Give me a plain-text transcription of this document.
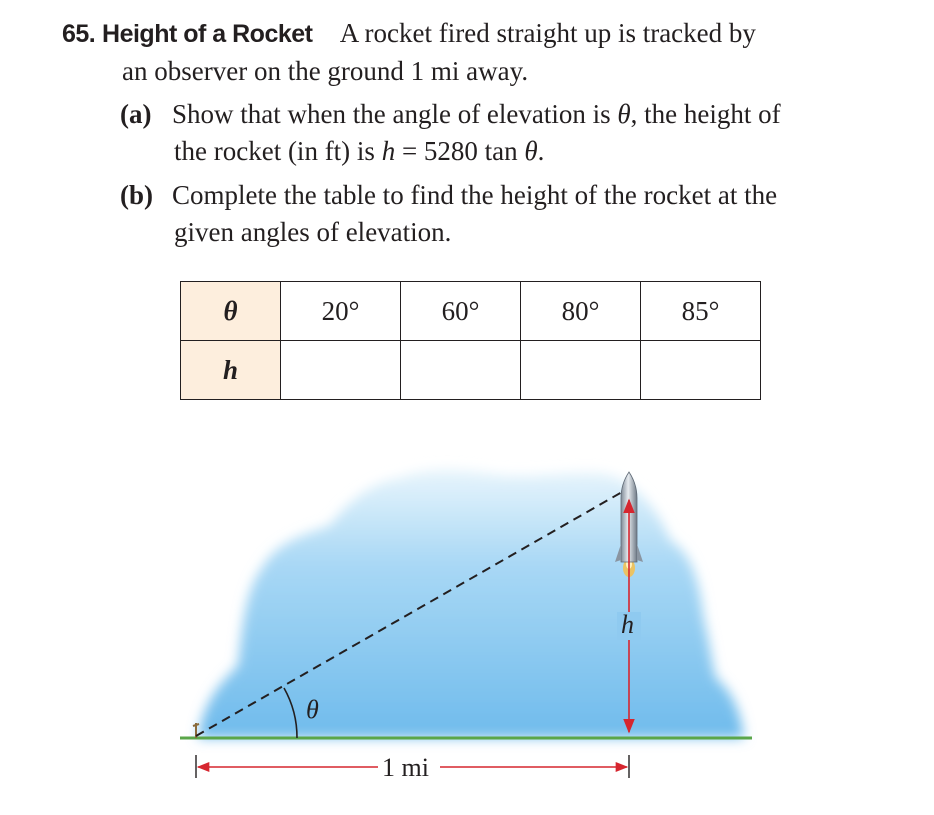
65. Height of a Rocket A rocket fired straight up is tracked by
an observer on the ground 1 mi away.
(a) Show that when the angle of elevation is θ, the height of
the rocket (in ft) is h = 5280 tan θ.
(b) Complete the table to find the height of the rocket at the
given angles of elevation.
θ	20°	60°	80°	85°
h				
θ
h
1 mi
